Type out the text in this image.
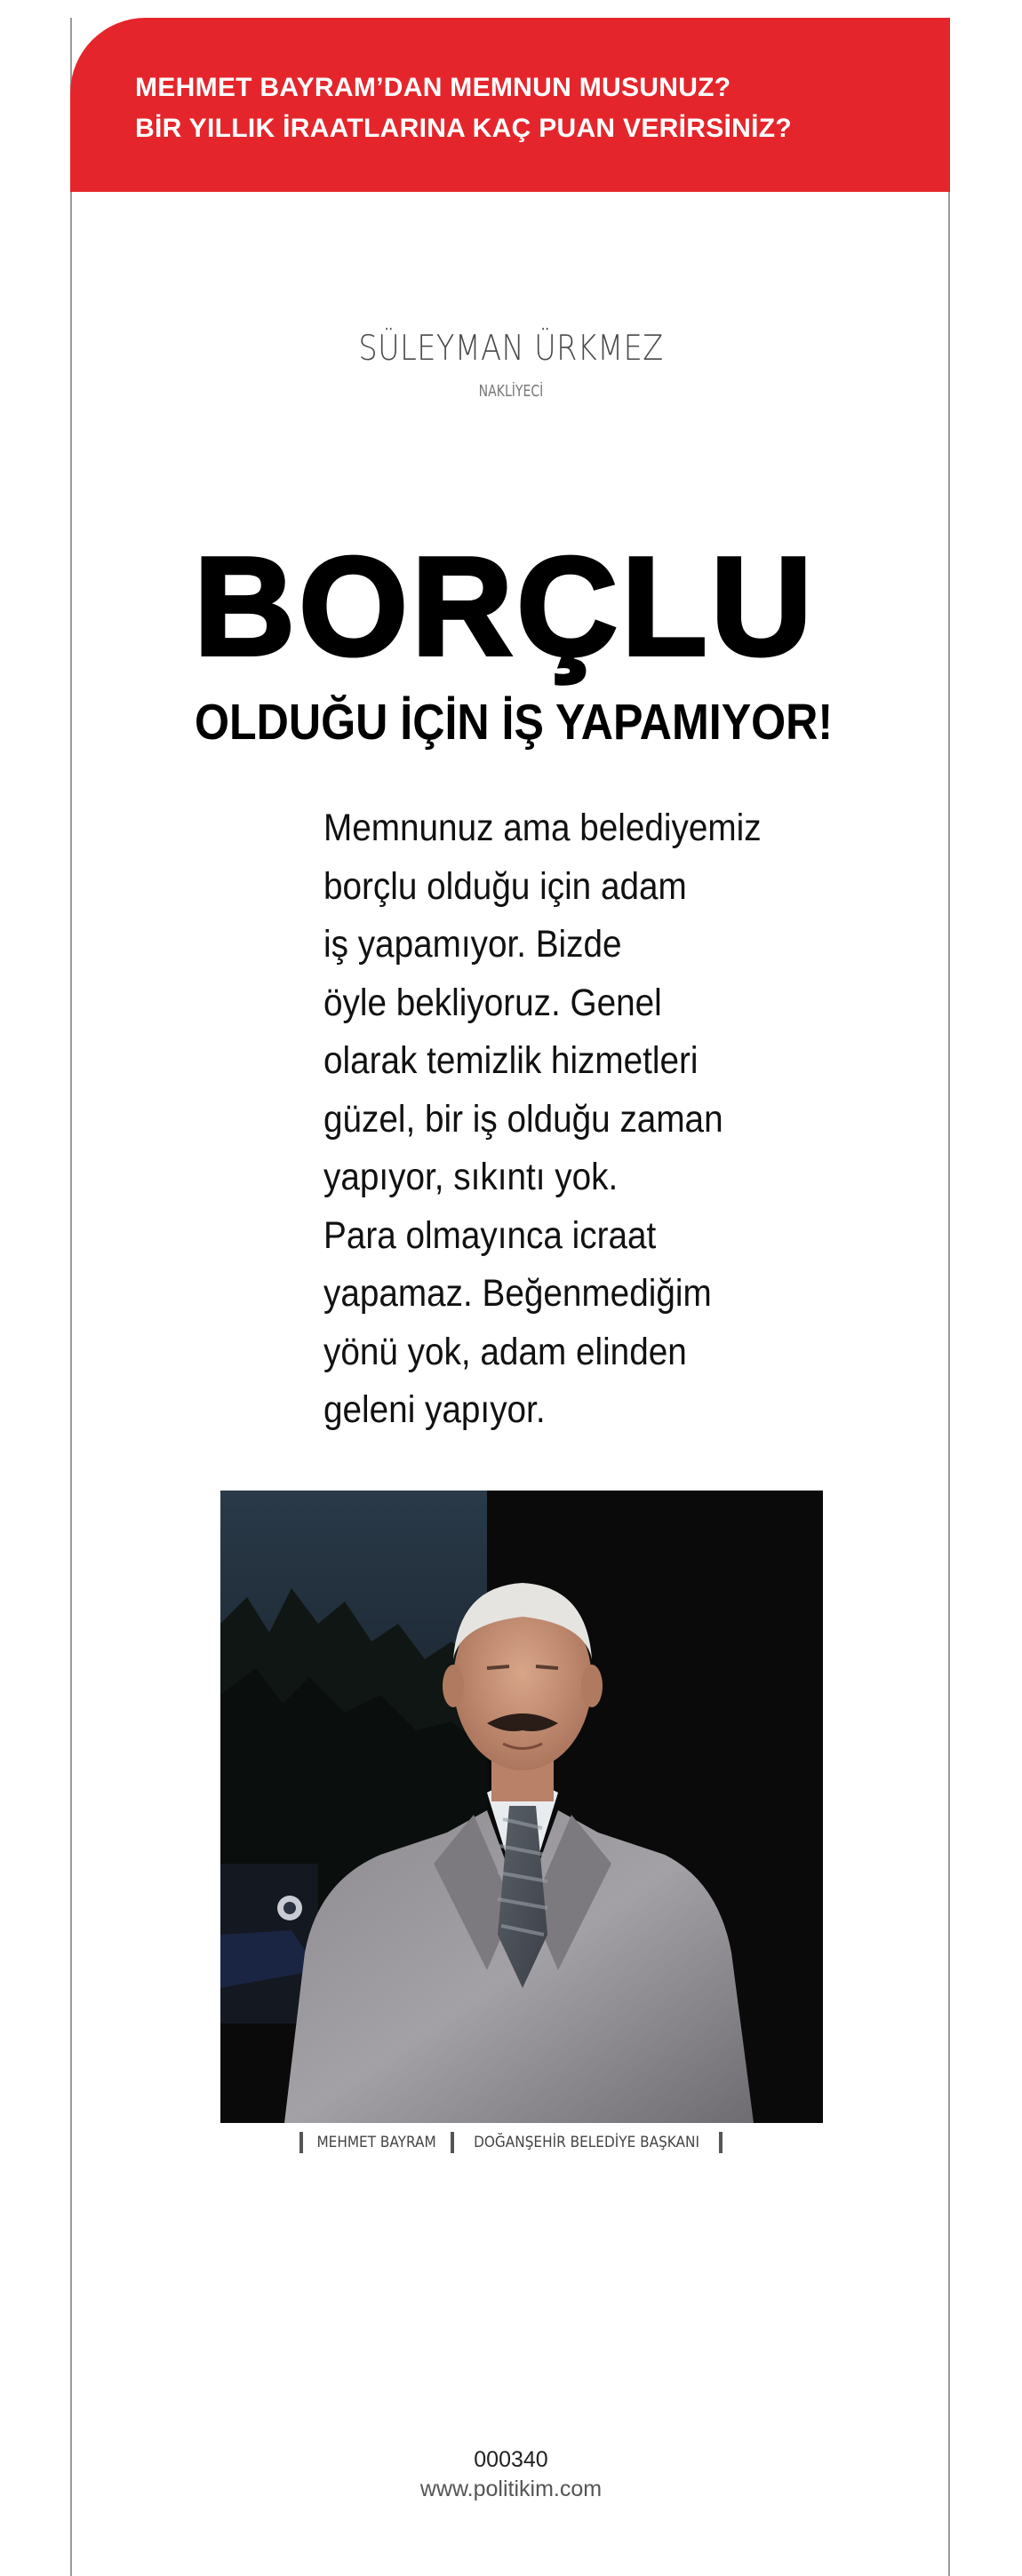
MEHMET BAYRAM’DAN MEMNUN MUSUNUZ?
BİR YILLIK İRAATLARINA KAÇ PUAN VERİRSİNİZ?
SÜLEYMAN ÜRKMEZ
NAKLİYECİ
BORÇLU
OLDUĞU İÇİN İŞ YAPAMIYOR!
Memnunuz ama belediyemiz
borçlu olduğu için adam
iş yapamıyor. Bizde
öyle bekliyoruz. Genel
olarak temizlik hizmetleri
güzel, bir iş olduğu zaman
yapıyor, sıkıntı yok.
Para olmayınca icraat
yapamaz. Beğenmediğim
yönü yok, adam elinden
geleni yapıyor.
MEHMET BAYRAM DOĞANŞEHİR BELEDİYE BAŞKANI
000340
www.politikim.com
